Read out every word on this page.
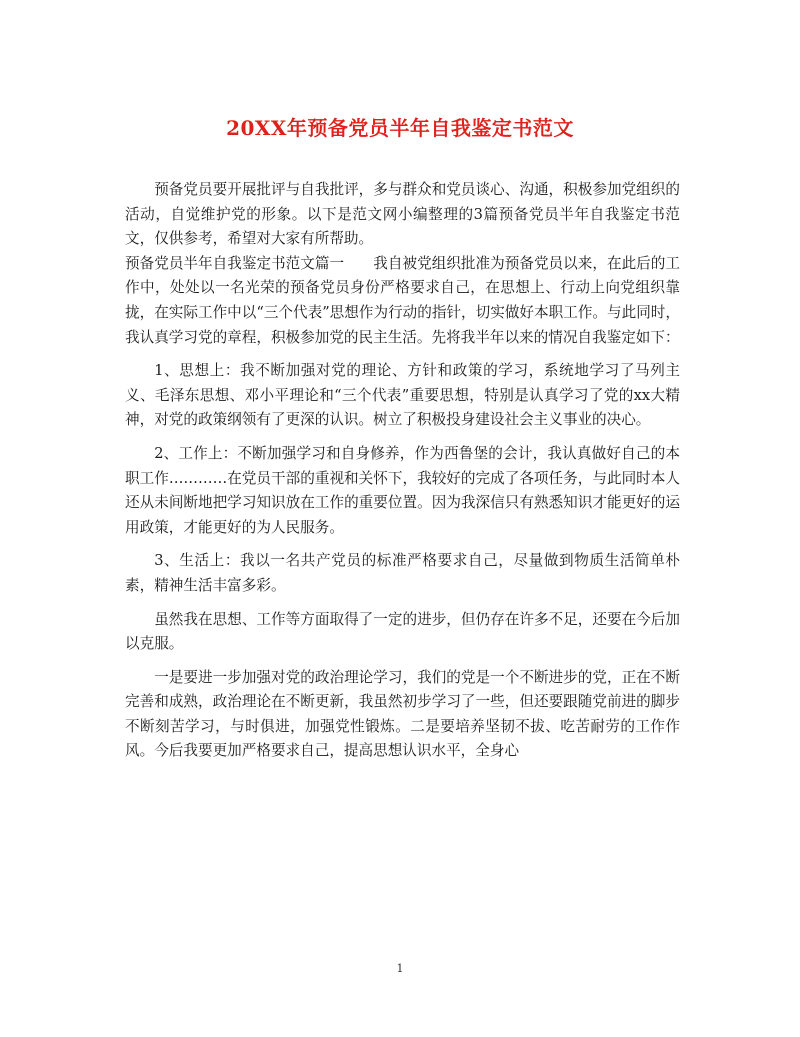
20XX年预备党员半年自我鉴定书范文

预备党员要开展批评与自我批评，多与群众和党员谈心、沟通，积极参加党组织的活动，自觉维护党的形象。以下是范文网小编整理的3篇预备党员半年自我鉴定书范文，仅供参考，希望对大家有所帮助。

预备党员半年自我鉴定书范文篇一　　我自被党组织批准为预备党员以来，在此后的工作中，处处以一名光荣的预备党员身份严格要求自己，在思想上、行动上向党组织靠拢，在实际工作中以“三个代表”思想作为行动的指针，切实做好本职工作。与此同时，我认真学习党的章程，积极参加党的民主生活。先将我半年以来的情况自我鉴定如下：

1、思想上：我不断加强对党的理论、方针和政策的学习，系统地学习了马列主义、毛泽东思想、邓小平理论和“三个代表”重要思想，特别是认真学习了党的xx大精神，对党的政策纲领有了更深的认识。树立了积极投身建设社会主义事业的决心。

2、工作上：不断加强学习和自身修养，作为西鲁堡的会计，我认真做好自己的本职工作…………在党员干部的重视和关怀下，我较好的完成了各项任务，与此同时本人还从未间断地把学习知识放在工作的重要位置。因为我深信只有熟悉知识才能更好的运用政策，才能更好的为人民服务。

3、生活上：我以一名共产党员的标准严格要求自己，尽量做到物质生活简单朴素，精神生活丰富多彩。

虽然我在思想、工作等方面取得了一定的进步，但仍存在许多不足，还要在今后加以克服。

一是要进一步加强对党的政治理论学习，我们的党是一个不断进步的党，正在不断完善和成熟，政治理论在不断更新，我虽然初步学习了一些，但还要跟随党前进的脚步不断刻苦学习，与时俱进，加强党性锻炼。二是要培养坚韧不拔、吃苦耐劳的工作作风。今后我要更加严格要求自己，提高思想认识水平，全身心

1
